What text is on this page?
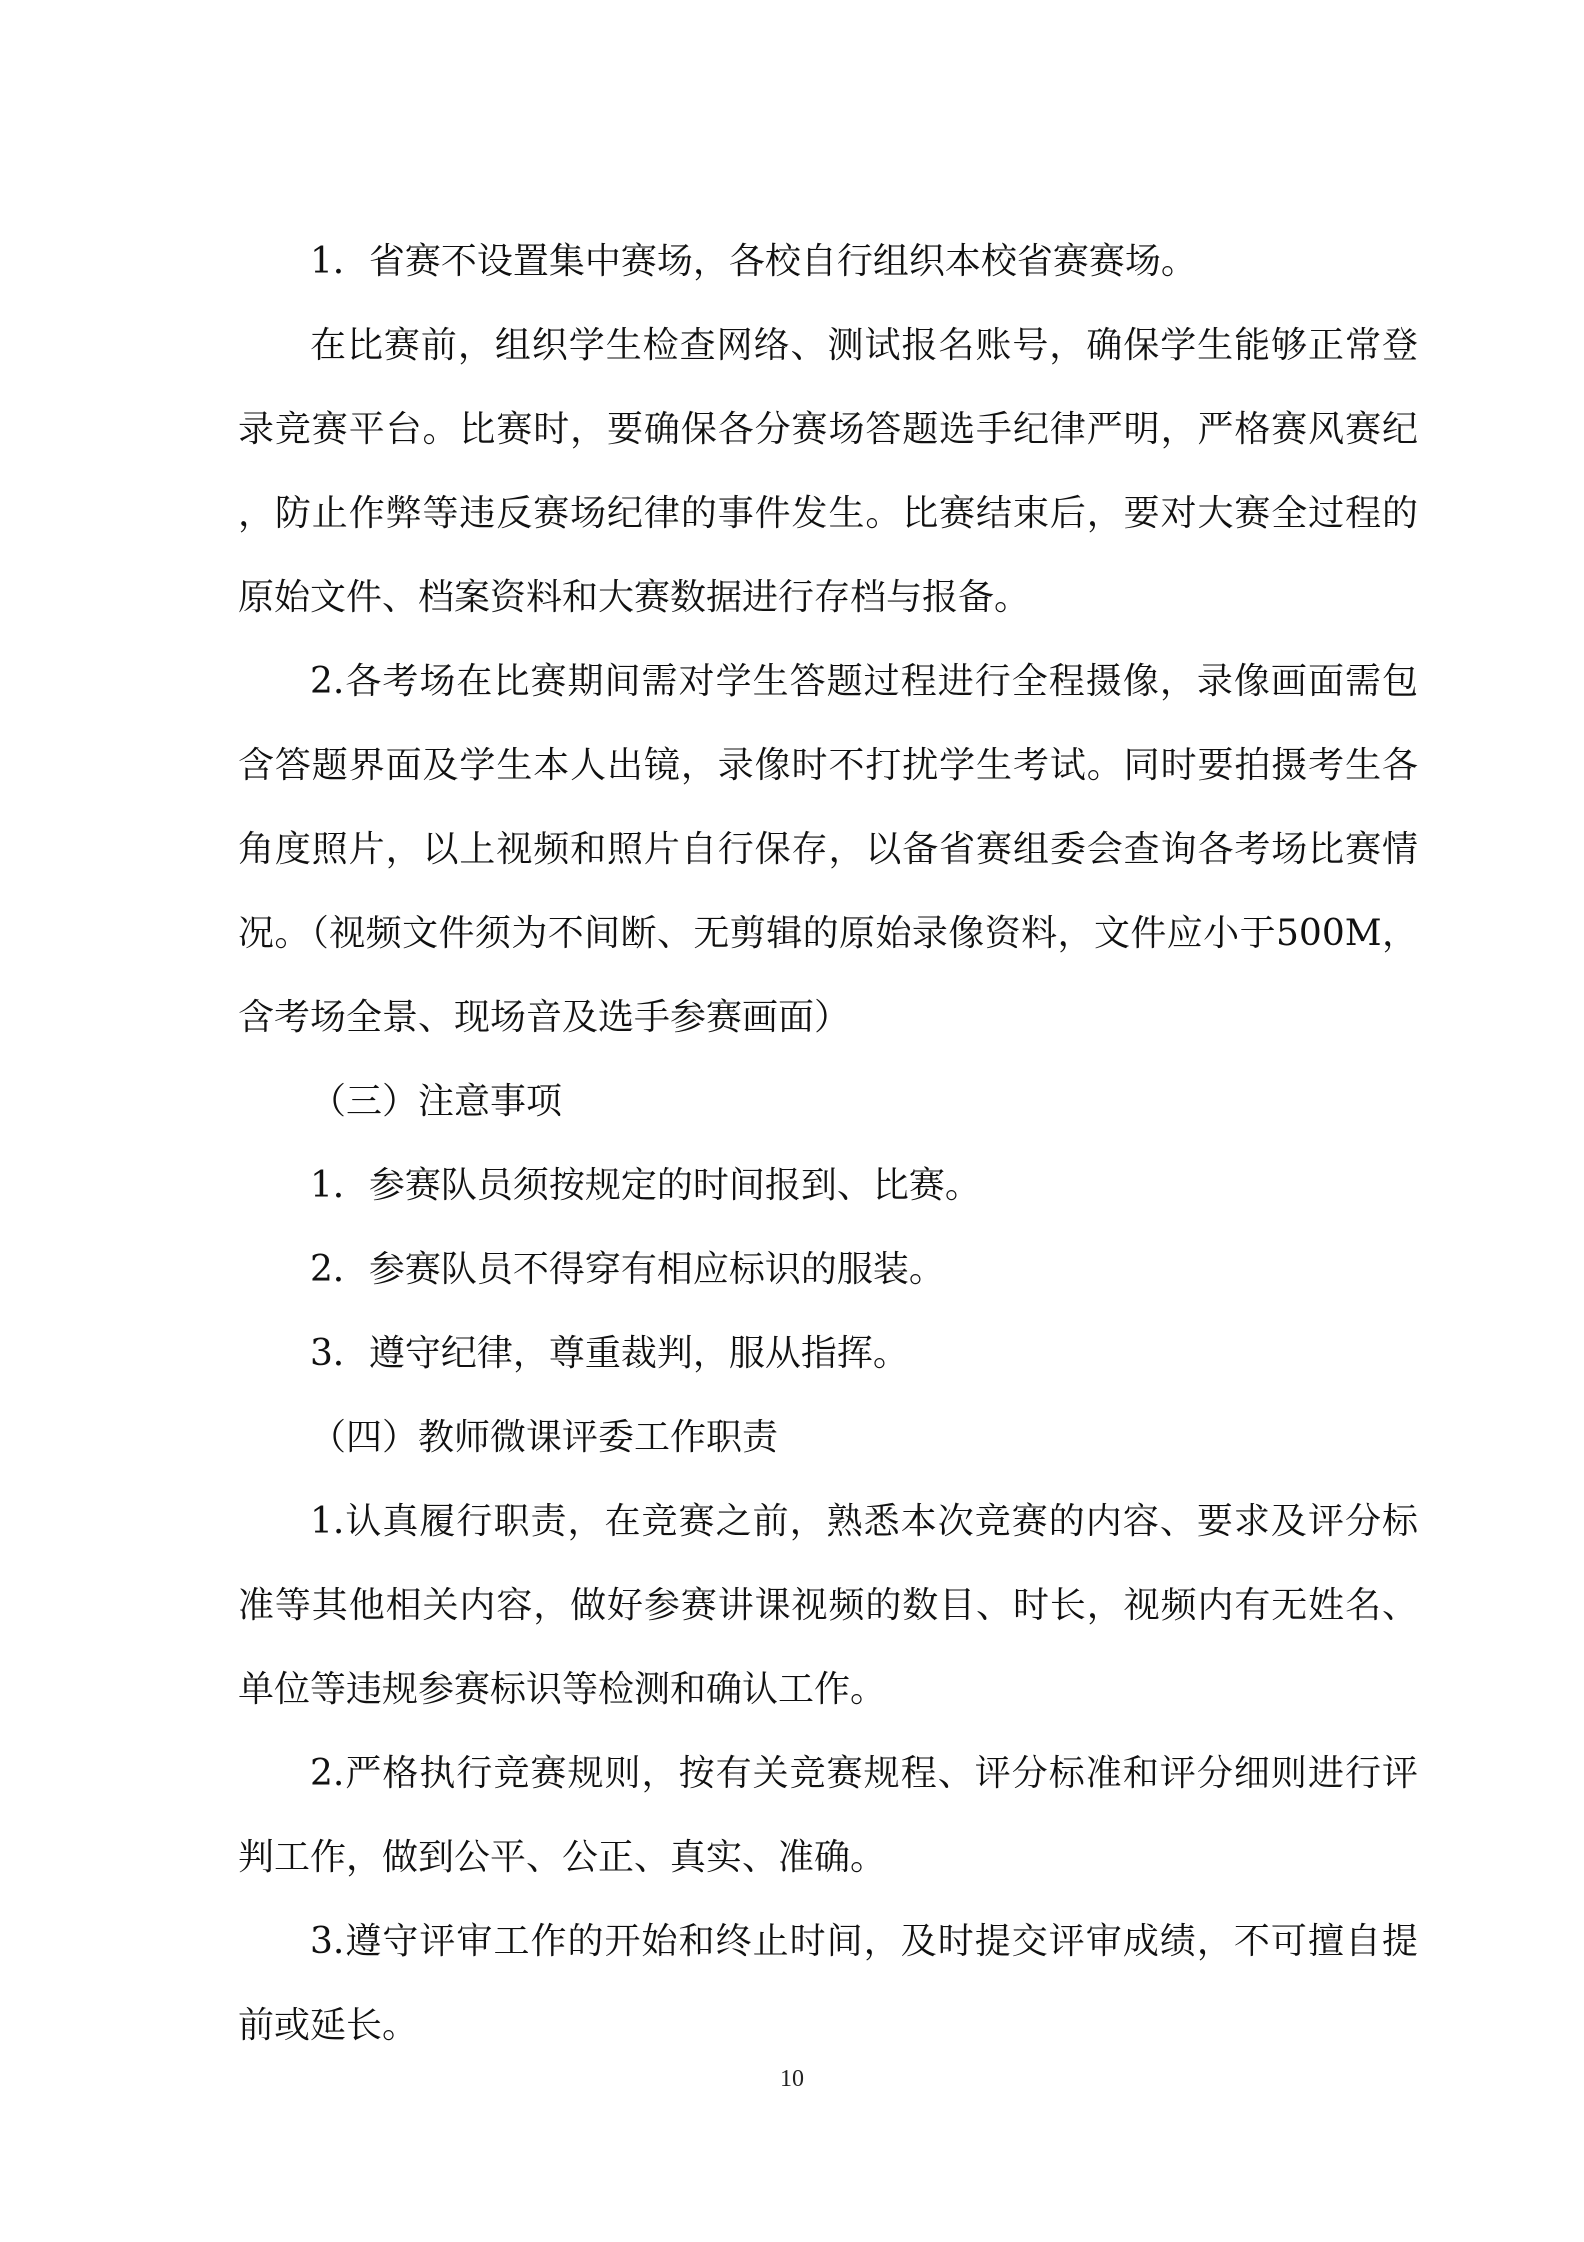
1．省赛不设置集中赛场，各校自行组织本校省赛赛场。

在比赛前，组织学生检查网络、测试报名账号，确保学生能够正常登录竞赛平台。比赛时，要确保各分赛场答题选手纪律严明，严格赛风赛纪，防止作弊等违反赛场纪律的事件发生。比赛结束后，要对大赛全过程的原始文件、档案资料和大赛数据进行存档与报备。

2.各考场在比赛期间需对学生答题过程进行全程摄像，录像画面需包含答题界面及学生本人出镜，录像时不打扰学生考试。同时要拍摄考生各角度照片，以上视频和照片自行保存，以备省赛组委会查询各考场比赛情况。（视频文件须为不间断、无剪辑的原始录像资料，文件应小于500M，含考场全景、现场音及选手参赛画面）

（三）注意事项

1．参赛队员须按规定的时间报到、比赛。

2．参赛队员不得穿有相应标识的服装。

3．遵守纪律，尊重裁判，服从指挥。

（四）教师微课评委工作职责

1.认真履行职责，在竞赛之前，熟悉本次竞赛的内容、要求及评分标准等其他相关内容，做好参赛讲课视频的数目、时长，视频内有无姓名、单位等违规参赛标识等检测和确认工作。

2.严格执行竞赛规则，按有关竞赛规程、评分标准和评分细则进行评判工作，做到公平、公正、真实、准确。

3.遵守评审工作的开始和终止时间，及时提交评审成绩，不可擅自提前或延长。

10
